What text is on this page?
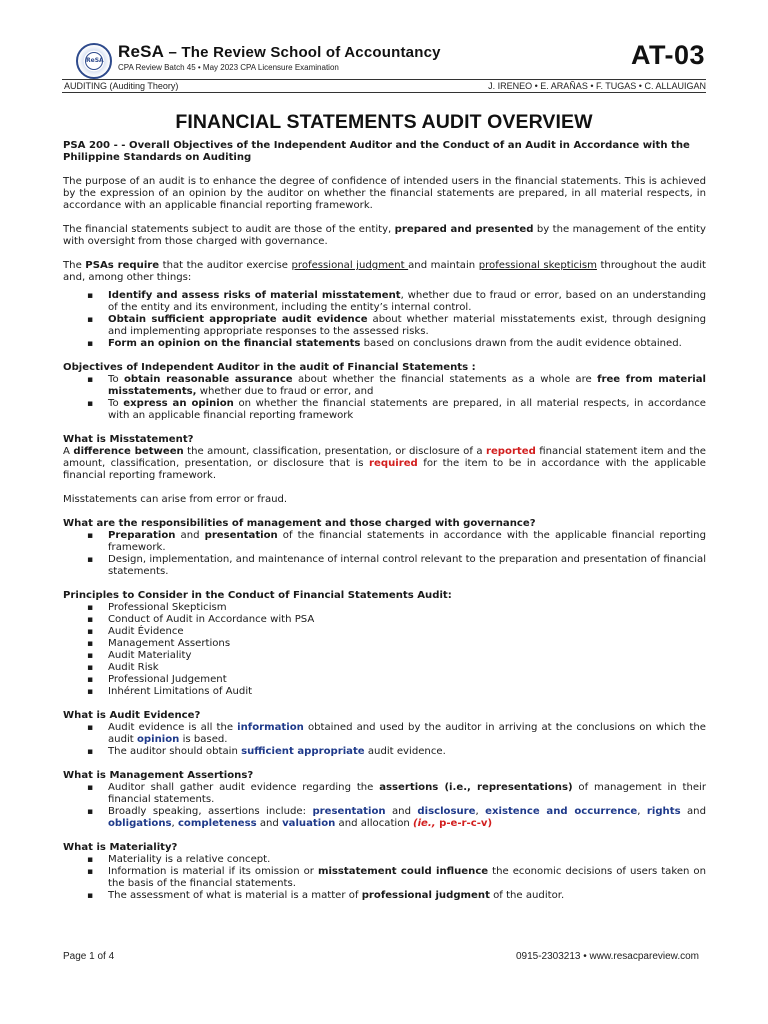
ReSA ReSA – The Review School of Accountancy
CPA Review Batch 45 • May 2023 CPA Licensure Examination	AT-03
AUDITING (Auditing Theory)	J. IRENEO • E. ARAÑAS • F. TUGAS • C. ALLAUIGAN
FINANCIAL STATEMENTS AUDIT OVERVIEW

PSA 200 - - Overall Objectives of the Independent Auditor and the Conduct of an Audit in Accordance with the Philippine Standards on Auditing

The purpose of an audit is to enhance the degree of confidence of intended users in the financial statements. This is achieved by the expression of an opinion by the auditor on whether the financial statements are prepared, in all material respects, in accordance with an applicable financial reporting framework.

The financial statements subject to audit are those of the entity, prepared and presented by the management of the entity with oversight from those charged with governance.

The PSAs require that the auditor exercise professional judgment and maintain professional skepticism throughout the audit and, among other things:

▪ Identify and assess risks of material misstatement, whether due to fraud or error, based on an understanding of the entity and its environment, including the entity’s internal control.
▪ Obtain sufficient appropriate audit evidence about whether material misstatements exist, through designing and implementing appropriate responses to the assessed risks.
▪ Form an opinion on the financial statements based on conclusions drawn from the audit evidence obtained.

Objectives of Independent Auditor in the audit of Financial Statements :

▪ To obtain reasonable assurance about whether the financial statements as a whole are free from material misstatements, whether due to fraud or error, and
▪ To express an opinion on whether the financial statements are prepared, in all material respects, in accordance with an applicable financial reporting framework

What is Misstatement?

A difference between the amount, classification, presentation, or disclosure of a reported financial statement item and the amount, classification, presentation, or disclosure that is required for the item to be in accordance with the applicable financial reporting framework.

Misstatements can arise from error or fraud.

What are the responsibilities of management and those charged with governance?

▪ Preparation and presentation of the financial statements in accordance with the applicable financial reporting framework.
▪ Design, implementation, and maintenance of internal control relevant to the preparation and presentation of financial statements.

Principles to Consider in the Conduct of Financial Statements Audit:

▪ Professional Skepticism
▪ Conduct of Audit in Accordance with PSA
▪ Audit Évidence
▪ Management Assertions
▪ Audit Materiality
▪ Audit Risk
▪ Professional Judgement
▪ Inhérent Limitations of Audit

What is Audit Evidence?

▪ Audit evidence is all the information obtained and used by the auditor in arriving at the conclusions on which the audit opinion is based.
▪ The auditor should obtain sufficient appropriate audit evidence.

What is Management Assertions?

▪ Auditor shall gather audit evidence regarding the assertions (i.e., representations) of management in their financial statements.
▪ Broadly speaking, assertions include: presentation and disclosure, existence and occurrence, rights and obligations, completeness and valuation and allocation (ie., p-e-r-c-v)

What is Materiality?

▪ Materiality is a relative concept.
▪ Information is material if its omission or misstatement could influence the economic decisions of users taken on the basis of the financial statements.
▪ The assessment of what is material is a matter of professional judgment of the auditor.
Page 1 of 4	0915-2303213 • www.resacpareview.com
